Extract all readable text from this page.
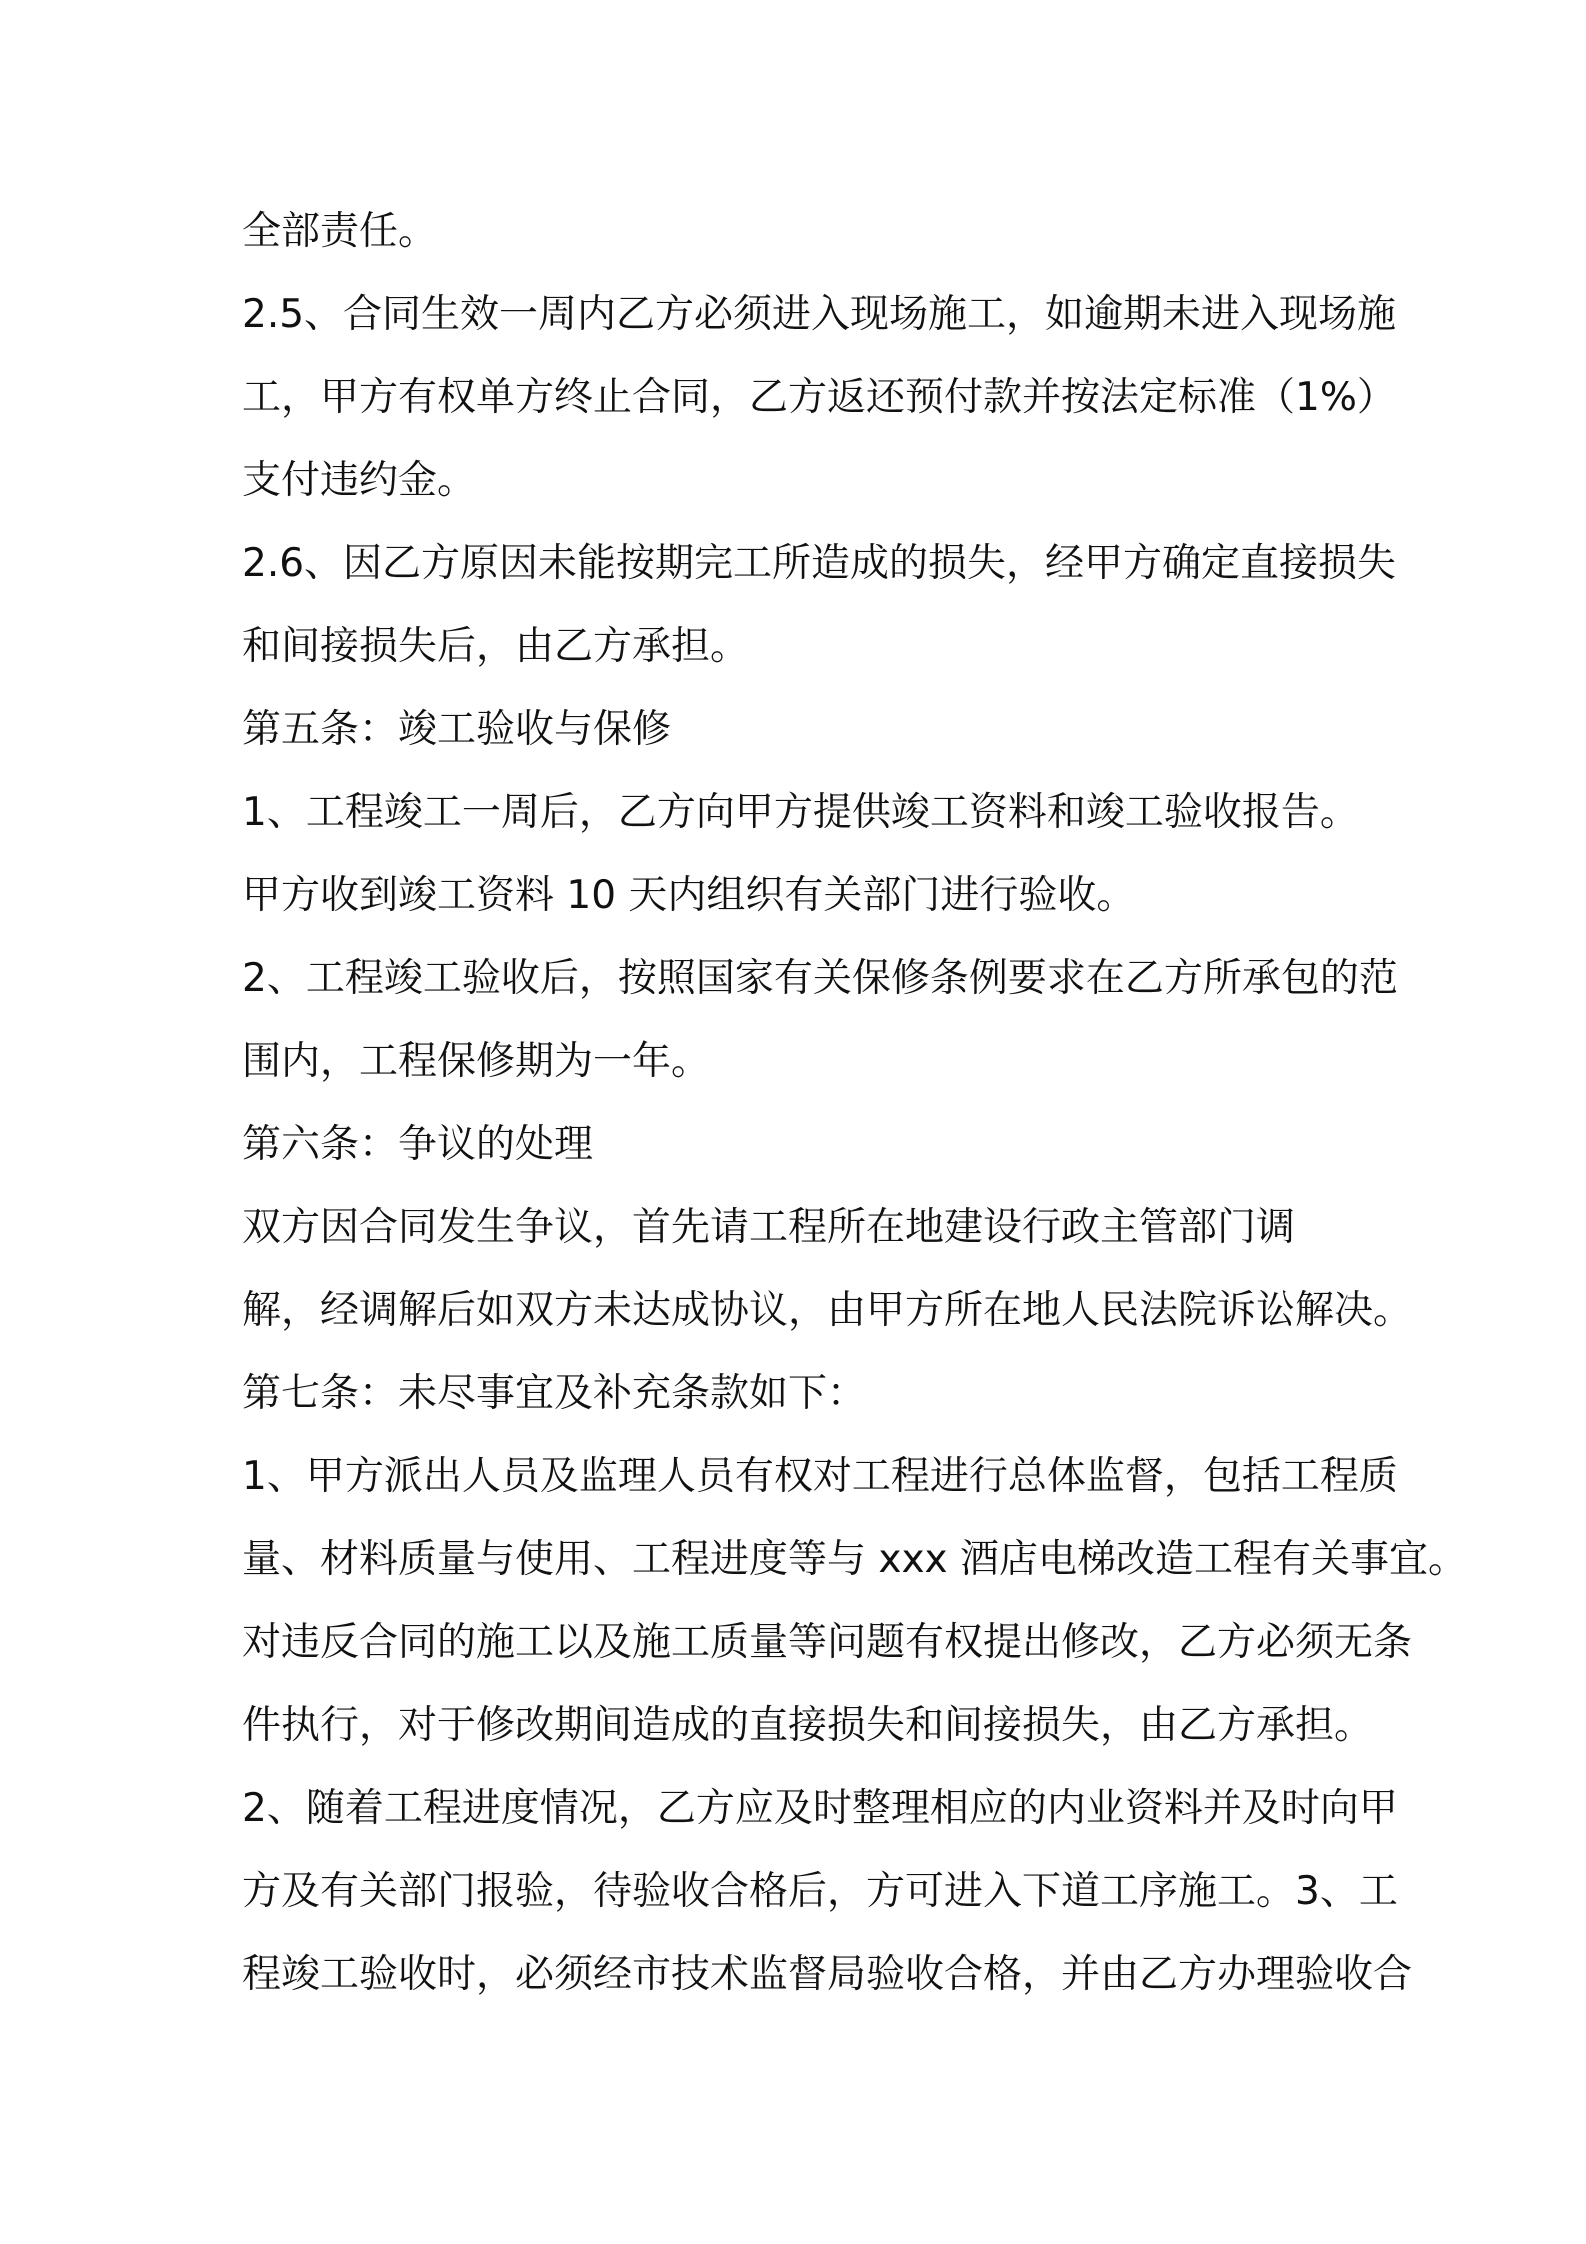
全部责任。
2.5、合同生效一周内乙方必须进入现场施工，如逾期未进入现场施
工，甲方有权单方终止合同，乙方返还预付款并按法定标准（1%）
支付违约金。
2.6、因乙方原因未能按期完工所造成的损失，经甲方确定直接损失
和间接损失后，由乙方承担。
第五条：竣工验收与保修
1、工程竣工一周后，乙方向甲方提供竣工资料和竣工验收报告。
甲方收到竣工资料 10 天内组织有关部门进行验收。
2、工程竣工验收后，按照国家有关保修条例要求在乙方所承包的范
围内，工程保修期为一年。
第六条：争议的处理
双方因合同发生争议，首先请工程所在地建设行政主管部门调
解，经调解后如双方未达成协议，由甲方所在地人民法院诉讼解决。
第七条：未尽事宜及补充条款如下：
1、甲方派出人员及监理人员有权对工程进行总体监督，包括工程质
量、材料质量与使用、工程进度等与 xxx 酒店电梯改造工程有关事宜。
对违反合同的施工以及施工质量等问题有权提出修改，乙方必须无条
件执行，对于修改期间造成的直接损失和间接损失，由乙方承担。
2、随着工程进度情况，乙方应及时整理相应的内业资料并及时向甲
方及有关部门报验，待验收合格后，方可进入下道工序施工。3、工
程竣工验收时，必须经市技术监督局验收合格，并由乙方办理验收合
